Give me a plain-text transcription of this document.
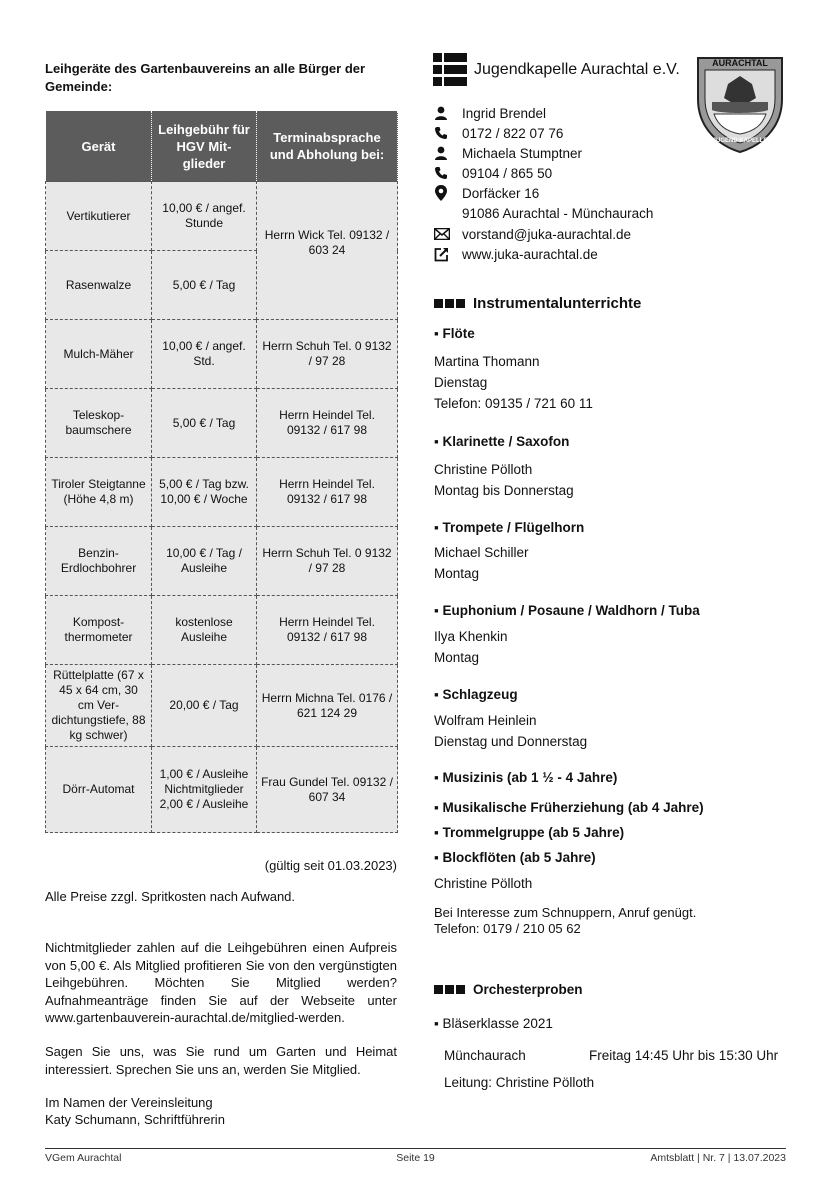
Leihgeräte des Gartenbauvereins an alle Bürger der Gemeinde:
Gerät	Leihgebühr für HGV Mit-glieder	Terminabsprache und Abholung bei:
Vertikutierer	10,00 € / angef. Stunde	Herrn Wick Tel. 09132 / 603 24
Rasenwalze	5,00 € / Tag	
Mulch-Mäher	10,00 € / angef. Std.	Herrn Schuh Tel. 0 9132 / 97 28
Teleskop-baumschere	5,00 € / Tag	Herrn Heindel Tel. 09132 / 617 98
Tiroler Steigtanne (Höhe 4,8 m)	5,00 € / Tag bzw. 10,00 € / Woche	Herrn Heindel Tel. 09132 / 617 98
Benzin-Erdlochbohrer	10,00 € / Tag / Ausleihe	Herrn Schuh Tel. 0 9132 / 97 28
Kompost-thermometer	kostenlose Ausleihe	Herrn Heindel Tel. 09132 / 617 98
Rüttelplatte (67 x 45 x 64 cm, 30 cm Ver-dichtungstiefe, 88 kg schwer)	20,00 € / Tag	Herrn Michna Tel. 0176 / 621 124 29
Dörr-Automat	1,00 € / Ausleihe Nichtmitglieder 2,00 € / Ausleihe	Frau Gundel Tel. 09132 / 607 34
(gültig seit 01.03.2023)
Alle Preise zzgl. Spritkosten nach Aufwand.
Nichtmitglieder zahlen auf die Leihgebühren einen Aufpreis von 5,00 €. Als Mitglied profitieren Sie von den vergünstigten Leihgebühren. Möchten Sie Mitglied werden? Aufnahmeanträge finden Sie auf der Webseite unter www.gartenbauverein-aurachtal.de/mitglied-werden.
Sagen Sie uns, was Sie rund um Garten und Heimat interessiert. Sprechen Sie uns an, werden Sie Mitglied.
Im Namen der Vereinsleitung
Katy Schumann, Schriftführerin
Jugendkapelle Aurachtal e.V.	AURACHTAL
JUGEND KAPELLE
Ingrid Brendel
0172 / 822 07 76
Michaela Stumptner
09104 / 865 50
Dorfäcker 16
91086 Aurachtal - Münchaurach
vorstand@juka-aurachtal.de
www.juka-aurachtal.de
Instrumentalunterrichte
▪ Flöte
Martina Thomann
Dienstag
Telefon: 09135 / 721 60 11
▪ Klarinette / Saxofon
Christine Pölloth
Montag bis Donnerstag
▪ Trompete / Flügelhorn
Michael Schiller
Montag
▪ Euphonium / Posaune / Waldhorn / Tuba
Ilya Khenkin
Montag
▪ Schlagzeug
Wolfram Heinlein
Dienstag und Donnerstag
▪ Musizinis (ab 1 ½ - 4 Jahre)
▪ Musikalische Früherziehung (ab 4 Jahre)
▪ Trommelgruppe (ab 5 Jahre)
▪ Blockflöten (ab 5 Jahre)
Christine Pölloth
Bei Interesse zum Schnuppern, Anruf genügt.
Telefon: 0179 / 210 05 62
Orchesterproben
▪ Bläserklasse 2021
Münchaurach	Freitag 14:45 Uhr bis 15:30 Uhr
Leitung: Christine Pölloth
VGem Aurachtal	Seite 19	Amtsblatt | Nr. 7 | 13.07.2023
